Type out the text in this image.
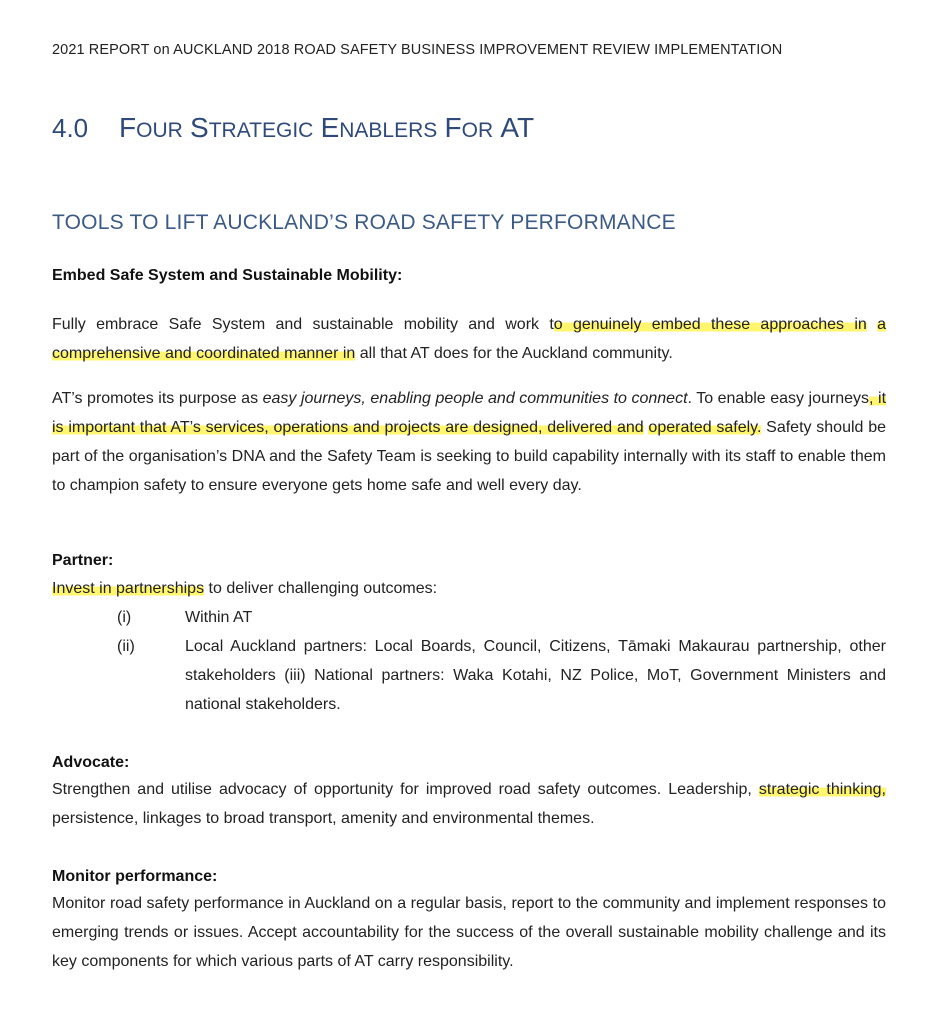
2021 REPORT on AUCKLAND 2018 ROAD SAFETY BUSINESS IMPROVEMENT REVIEW IMPLEMENTATION
4.0 FOUR STRATEGIC ENABLERS FOR AT
TOOLS TO LIFT AUCKLAND’S ROAD SAFETY PERFORMANCE

Embed Safe System and Sustainable Mobility:

Fully embrace Safe System and sustainable mobility and work to genuinely embed these approaches in a comprehensive and coordinated manner in all that AT does for the Auckland community.

AT’s promotes its purpose as easy journeys, enabling people and communities to connect. To enable easy journeys, it is important that AT’s services, operations and projects are designed, delivered and operated safely. Safety should be part of the organisation’s DNA and the Safety Team is seeking to build capability internally with its staff to enable them to champion safety to ensure everyone gets home safe and well every day.

Partner:

Invest in partnerships to deliver challenging outcomes:

(i)	Within AT
(ii)	Local Auckland partners: Local Boards, Council, Citizens, Tāmaki Makaurau partnership, other stakeholders (iii) National partners: Waka Kotahi, NZ Police, MoT, Government Ministers and national stakeholders.

Advocate:

Strengthen and utilise advocacy of opportunity for improved road safety outcomes. Leadership, strategic thinking, persistence, linkages to broad transport, amenity and environmental themes.

Monitor performance:

Monitor road safety performance in Auckland on a regular basis, report to the community and implement responses to emerging trends or issues. Accept accountability for the success of the overall sustainable mobility challenge and its key components for which various parts of AT carry responsibility.
